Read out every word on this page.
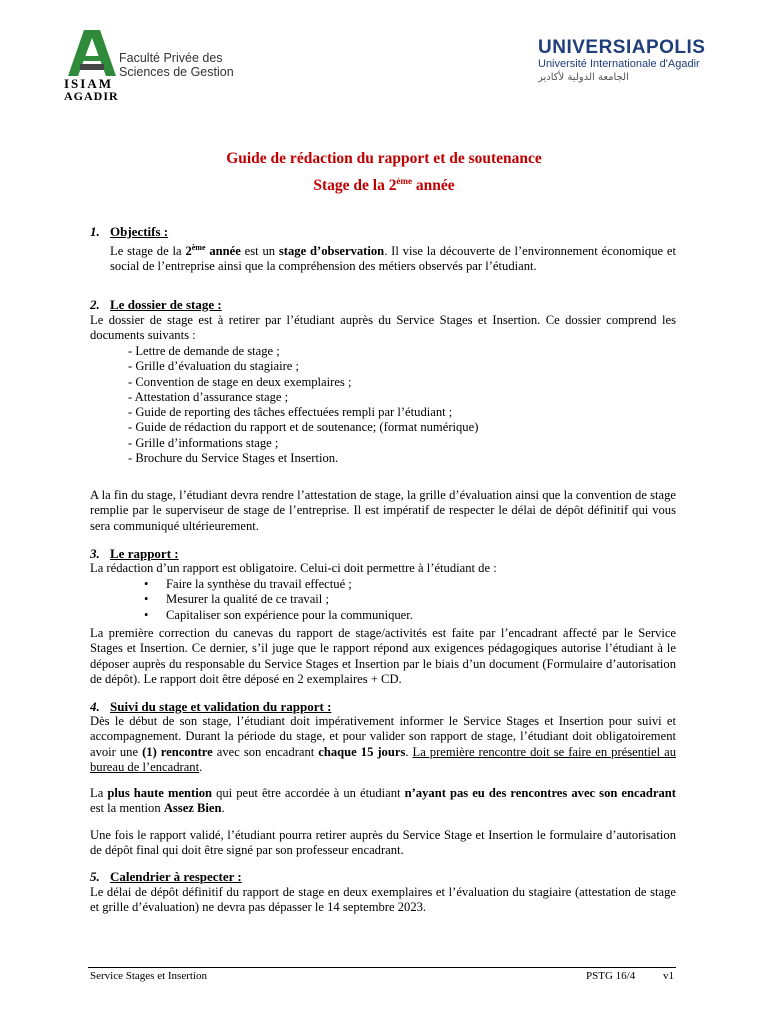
Faculté Privée des
Sciences de Gestion
ISIAM
AGADIR
UNIVERSIAPOLIS
Université Internationale d'Agadir
الجامعة الدولية لأكادير
Guide de rédaction du rapport et de soutenance
Stage de la 2ème année
1. Objectifs :
Le stage de la 2ème année est un stage d’observation. Il vise la découverte de l’environnement économique et social de l’entreprise ainsi que la compréhension des métiers observés par l’étudiant.
2. Le dossier de stage :
Le dossier de stage est à retirer par l’étudiant auprès du Service Stages et Insertion. Ce dossier comprend les documents suivants :
- Lettre de demande de stage ;
- Grille d’évaluation du stagiaire ;
- Convention de stage en deux exemplaires ;
- Attestation d’assurance stage ;
- Guide de reporting des tâches effectuées rempli par l’étudiant ;
- Guide de rédaction du rapport et de soutenance; (format numérique)
- Grille d’informations stage ;
- Brochure du Service Stages et Insertion.
A la fin du stage, l’étudiant devra rendre l’attestation de stage, la grille d’évaluation ainsi que la convention de stage remplie par le superviseur de stage de l’entreprise. Il est impératif de respecter le délai de dépôt définitif qui vous sera communiqué ultérieurement.
3. Le rapport :
La rédaction d’un rapport est obligatoire. Celui-ci doit permettre à l’étudiant de :
• Faire la synthèse du travail effectué ;
• Mesurer la qualité de ce travail ;
• Capitaliser son expérience pour la communiquer.
La première correction du canevas du rapport de stage/activités est faite par l’encadrant affecté par le Service Stages et Insertion. Ce dernier, s’il juge que le rapport répond aux exigences pédagogiques autorise l’étudiant à le déposer auprès du responsable du Service Stages et Insertion par le biais d’un document (Formulaire d’autorisation de dépôt). Le rapport doit être déposé en 2 exemplaires + CD.
4. Suivi du stage et validation du rapport :
Dès le début de son stage, l’étudiant doit impérativement informer le Service Stages et Insertion pour suivi et accompagnement. Durant la période du stage, et pour valider son rapport de stage, l’étudiant doit obligatoirement avoir une (1) rencontre avec son encadrant chaque 15 jours. La première rencontre doit se faire en présentiel au bureau de l’encadrant.
La plus haute mention qui peut être accordée à un étudiant n’ayant pas eu des rencontres avec son encadrant est la mention Assez Bien.
Une fois le rapport validé, l’étudiant pourra retirer auprès du Service Stage et Insertion le formulaire d’autorisation de dépôt final qui doit être signé par son professeur encadrant.
5. Calendrier à respecter :
Le délai de dépôt définitif du rapport de stage en deux exemplaires et l’évaluation du stagiaire (attestation de stage et grille d’évaluation) ne devra pas dépasser le 14 septembre 2023.
Service Stages et Insertion	PSTG 16/4	v1
